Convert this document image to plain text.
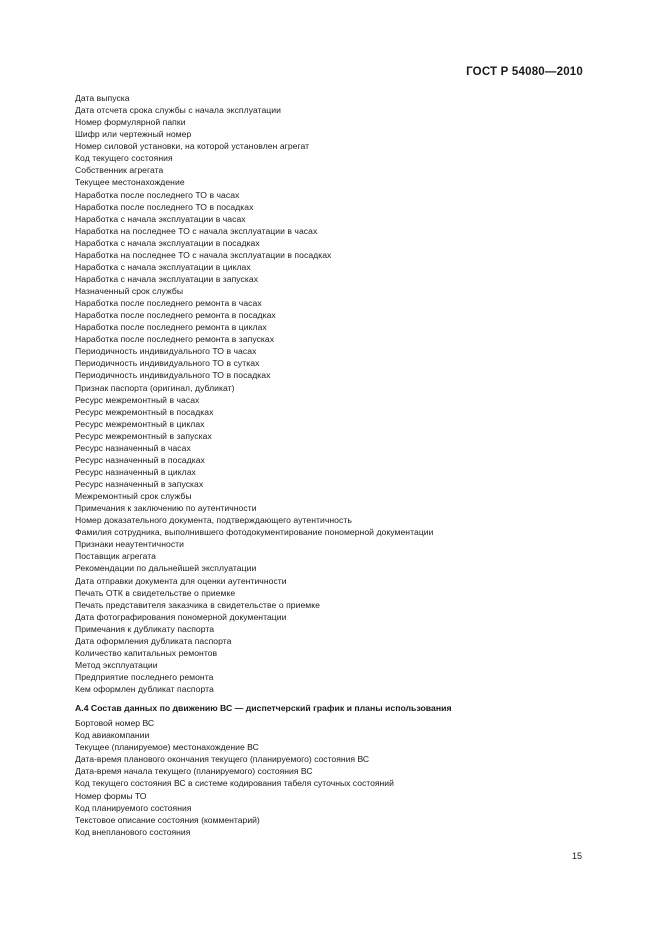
ГОСТ Р 54080—2010
Дата выпуска
Дата отсчета срока службы с начала эксплуатации
Номер формулярной папки
Шифр или чертежный номер
Номер силовой установки, на которой установлен агрегат
Код текущего состояния
Собственник агрегата
Текущее местонахождение
Наработка после последнего ТО в часах
Наработка после последнего ТО в посадках
Наработка с начала эксплуатации в часах
Наработка на последнее ТО с начала эксплуатации в часах
Наработка с начала эксплуатации в посадках
Наработка на последнее ТО с начала эксплуатации в посадках
Наработка с начала эксплуатации в циклах
Наработка с начала эксплуатации в запусках
Назначенный срок службы
Наработка после последнего ремонта в часах
Наработка после последнего ремонта в посадках
Наработка после последнего ремонта в циклах
Наработка после последнего ремонта в запусках
Периодичность индивидуального ТО в часах
Периодичность индивидуального ТО в сутках
Периодичность индивидуального ТО в посадках
Признак паспорта (оригинал, дубликат)
Ресурс межремонтный в часах
Ресурс межремонтный в посадках
Ресурс межремонтный в циклах
Ресурс межремонтный в запусках
Ресурс назначенный в часах
Ресурс назначенный в посадках
Ресурс назначенный в циклах
Ресурс назначенный в запусках
Межремонтный срок службы
Примечания к заключению по аутентичности
Номер доказательного документа, подтверждающего аутентичность
Фамилия сотрудника, выполнившего фотодокументирование пономерной документации
Признаки неаутентичности
Поставщик агрегата
Рекомендации по дальнейшей эксплуатации
Дата отправки документа для оценки аутентичности
Печать ОТК в свидетельстве о приемке
Печать представителя заказчика в свидетельстве о приемке
Дата фотографирования пономерной документации
Примечания к дубликату паспорта
Дата оформления дубликата паспорта
Количество капитальных ремонтов
Метод эксплуатации
Предприятие последнего ремонта
Кем оформлен дубликат паспорта
А.4 Состав данных по движению ВС — диспетчерский график и планы использования
Бортовой номер ВС
Код авиакомпании
Текущее (планируемое) местонахождение ВС
Дата-время планового окончания текущего (планируемого) состояния ВС
Дата-время начала текущего (планируемого) состояния ВС
Код текущего состояния ВС в системе кодирования табеля суточных состояний
Номер формы ТО
Код планируемого состояния
Текстовое описание состояния (комментарий)
Код внепланового состояния
15
